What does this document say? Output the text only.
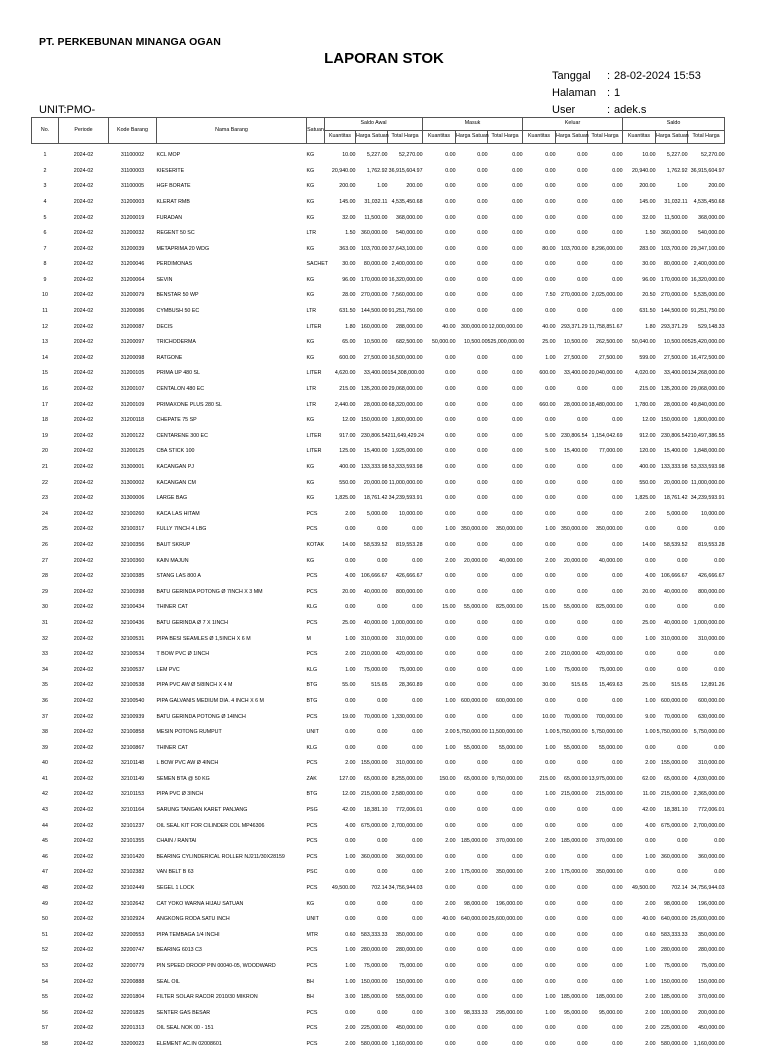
PT. PERKEBUNAN MINANGA OGAN
LAPORAN STOK
Tanggal : 28-02-2024 15:53
Halaman : 1
User	: adek.s
UNIT:PMO-
No.	Periode	Kode Barang	Nama Barang	Satuan	Saldo Awal			Masuk			Keluar			Saldo		
					Kuantitas	Harga Satuan	Total Harga	Kuantitas	Harga Satuan	Total Harga	Kuantitas	Harga Satuan	Total Harga	Kuantitas	Harga Satuan	Total Harga
1	2024-02	31100002	KCL MOP	KG	10.00	5,227.00	52,270.00	0.00	0.00	0.00	0.00	0.00	0.00	10.00	5,227.00	52,270.00
2	2024-02	31100003	KIESERITE	KG	20,940.00	1,762.92	36,915,604.97	0.00	0.00	0.00	0.00	0.00	0.00	20,940.00	1,762.92	36,915,604.97
3	2024-02	31100005	HGF BORATE	KG	200.00	1.00	200.00	0.00	0.00	0.00	0.00	0.00	0.00	200.00	1.00	200.00
4	2024-02	31200003	KLERAT RMB	KG	145.00	31,032.11	4,535,450.68	0.00	0.00	0.00	0.00	0.00	0.00	145.00	31,032.11	4,535,450.68
5	2024-02	31200019	FURADAN	KG	32.00	11,500.00	368,000.00	0.00	0.00	0.00	0.00	0.00	0.00	32.00	11,500.00	368,000.00
6	2024-02	31200032	REGENT 50 SC	LTR	1.50	360,000.00	540,000.00	0.00	0.00	0.00	0.00	0.00	0.00	1.50	360,000.00	540,000.00
7	2024-02	31200039	METAPRIMA 20 WDG	KG	363.00	103,700.00	37,643,100.00	0.00	0.00	0.00	80.00	103,700.00	8,296,000.00	283.00	103,700.00	29,347,100.00
8	2024-02	31200046	PERDIMONAS	SACHET	30.00	80,000.00	2,400,000.00	0.00	0.00	0.00	0.00	0.00	0.00	30.00	80,000.00	2,400,000.00
9	2024-02	31200064	SEVIN	KG	96.00	170,000.00	16,320,000.00	0.00	0.00	0.00	0.00	0.00	0.00	96.00	170,000.00	16,320,000.00
10	2024-02	31200079	BENSTAR 50 WP	KG	28.00	270,000.00	7,560,000.00	0.00	0.00	0.00	7.50	270,000.00	2,025,000.00	20.50	270,000.00	5,535,000.00
11	2024-02	31200086	CYMBUSH 50 EC	LTR	631.50	144,500.00	91,251,750.00	0.00	0.00	0.00	0.00	0.00	0.00	631.50	144,500.00	91,251,750.00
12	2024-02	31200087	DECIS	LITER	1.80	160,000.00	288,000.00	40.00	300,000.00	12,000,000.00	40.00	293,371.29	11,758,851.67	1.80	293,371.29	529,148.33
13	2024-02	31200097	TRICHODERMA	KG	65.00	10,500.00	682,500.00	50,000.00	10,500.00	525,000,000.00	25.00	10,500.00	262,500.00	50,040.00	10,500.00	525,420,000.00
14	2024-02	31200098	RATGONE	KG	600.00	27,500.00	16,500,000.00	0.00	0.00	0.00	1.00	27,500.00	27,500.00	599.00	27,500.00	16,472,500.00
15	2024-02	31200105	PRIMA UP 480 SL	LITER	4,620.00	33,400.00	154,308,000.00	0.00	0.00	0.00	600.00	33,400.00	20,040,000.00	4,020.00	33,400.00	134,268,000.00
16	2024-02	31200107	CENTALON 480 EC	LTR	215.00	135,200.00	29,068,000.00	0.00	0.00	0.00	0.00	0.00	0.00	215.00	135,200.00	29,068,000.00
17	2024-02	31200109	PRIMAXONE PLUS 280 SL	LTR	2,440.00	28,000.00	68,320,000.00	0.00	0.00	0.00	660.00	28,000.00	18,480,000.00	1,780.00	28,000.00	49,840,000.00
18	2024-02	31200118	CHEPATE 75 SP	KG	12.00	150,000.00	1,800,000.00	0.00	0.00	0.00	0.00	0.00	0.00	12.00	150,000.00	1,800,000.00
19	2024-02	31200122	CENTARENE 300 EC	LITER	917.00	230,806.54	211,649,429.24	0.00	0.00	0.00	5.00	230,806.54	1,154,042.69	912.00	230,806.54	210,497,386.55
20	2024-02	31200125	CBA STICK 100	LITER	125.00	15,400.00	1,925,000.00	0.00	0.00	0.00	5.00	15,400.00	77,000.00	120.00	15,400.00	1,848,000.00
21	2024-02	31300001	KACANGAN PJ	KG	400.00	133,333.98	53,333,593.98	0.00	0.00	0.00	0.00	0.00	0.00	400.00	133,333.98	53,333,593.98
22	2024-02	31300002	KACANGAN CM	KG	550.00	20,000.00	11,000,000.00	0.00	0.00	0.00	0.00	0.00	0.00	550.00	20,000.00	11,000,000.00
23	2024-02	31300006	LARGE BAG	KG	1,825.00	18,761.42	34,239,593.91	0.00	0.00	0.00	0.00	0.00	0.00	1,825.00	18,761.42	34,239,593.91
24	2024-02	32100260	KACA LAS HITAM	PCS	2.00	5,000.00	10,000.00	0.00	0.00	0.00	0.00	0.00	0.00	2.00	5,000.00	10,000.00
25	2024-02	32100317	FULLY 7INCH 4 LBG	PCS	0.00	0.00	0.00	1.00	350,000.00	350,000.00	1.00	350,000.00	350,000.00	0.00	0.00	0.00
26	2024-02	32100356	BAUT SKRUP	KOTAK	14.00	58,539.52	819,553.28	0.00	0.00	0.00	0.00	0.00	0.00	14.00	58,539.52	819,553.28
27	2024-02	32100360	KAIN MAJUN	KG	0.00	0.00	0.00	2.00	20,000.00	40,000.00	2.00	20,000.00	40,000.00	0.00	0.00	0.00
28	2024-02	32100385	STANG LAS 800 A	PCS	4.00	106,666.67	426,666.67	0.00	0.00	0.00	0.00	0.00	0.00	4.00	106,666.67	426,666.67
29	2024-02	32100398	BATU GERINDA POTONG Ø 7INCH X 3 MM	PCS	20.00	40,000.00	800,000.00	0.00	0.00	0.00	0.00	0.00	0.00	20.00	40,000.00	800,000.00
30	2024-02	32100434	THINER CAT	KLG	0.00	0.00	0.00	15.00	55,000.00	825,000.00	15.00	55,000.00	825,000.00	0.00	0.00	0.00
31	2024-02	32100436	BATU GERINDA Ø 7 X 1INCH	PCS	25.00	40,000.00	1,000,000.00	0.00	0.00	0.00	0.00	0.00	0.00	25.00	40,000.00	1,000,000.00
32	2024-02	32100531	PIPA BESI SEAMLES Ø 1,5INCH X 6 M	M	1.00	310,000.00	310,000.00	0.00	0.00	0.00	0.00	0.00	0.00	1.00	310,000.00	310,000.00
33	2024-02	32100534	T BOW PVC Ø 1INCH	PCS	2.00	210,000.00	420,000.00	0.00	0.00	0.00	2.00	210,000.00	420,000.00	0.00	0.00	0.00
34	2024-02	32100537	LEM PVC	KLG	1.00	75,000.00	75,000.00	0.00	0.00	0.00	1.00	75,000.00	75,000.00	0.00	0.00	0.00
35	2024-02	32100538	PIPA PVC AW Ø 5/8INCH X 4 M	BTG	55.00	515.65	28,360.89	0.00	0.00	0.00	30.00	515.65	15,469.63	25.00	515.65	12,891.26
36	2024-02	32100540	PIPA GALVANIS MEDIUM DIA. 4 INCH X 6 M	BTG	0.00	0.00	0.00	1.00	600,000.00	600,000.00	0.00	0.00	0.00	1.00	600,000.00	600,000.00
37	2024-02	32100939	BATU GERINDA POTONG Ø 14INCH	PCS	19.00	70,000.00	1,330,000.00	0.00	0.00	0.00	10.00	70,000.00	700,000.00	9.00	70,000.00	630,000.00
38	2024-02	32100858	MESIN POTONG RUMPUT	UNIT	0.00	0.00	0.00	2.00	5,750,000.00	11,500,000.00	1.00	5,750,000.00	5,750,000.00	1.00	5,750,000.00	5,750,000.00
39	2024-02	32100867	THINER CAT	KLG	0.00	0.00	0.00	1.00	55,000.00	55,000.00	1.00	55,000.00	55,000.00	0.00	0.00	0.00
40	2024-02	32101148	L BOW PVC AW Ø 4INCH	PCS	2.00	155,000.00	310,000.00	0.00	0.00	0.00	0.00	0.00	0.00	2.00	155,000.00	310,000.00
41	2024-02	32101149	SEMEN BTA @ 50 KG	ZAK	127.00	65,000.00	8,255,000.00	150.00	65,000.00	9,750,000.00	215.00	65,000.00	13,975,000.00	62.00	65,000.00	4,030,000.00
42	2024-02	32101153	PIPA PVC Ø 3INCH	BTG	12.00	215,000.00	2,580,000.00	0.00	0.00	0.00	1.00	215,000.00	215,000.00	11.00	215,000.00	2,365,000.00
43	2024-02	32101164	SARUNG TANGAN KARET PANJANG	PSG	42.00	18,381.10	772,006.01	0.00	0.00	0.00	0.00	0.00	0.00	42.00	18,381.10	772,006.01
44	2024-02	32101237	OIL SEAL KIT FOR CILINDER COL MP46306	PCS	4.00	675,000.00	2,700,000.00	0.00	0.00	0.00	0.00	0.00	0.00	4.00	675,000.00	2,700,000.00
45	2024-02	32101355	CHAIN / RANTAI	PCS	0.00	0.00	0.00	2.00	185,000.00	370,000.00	2.00	185,000.00	370,000.00	0.00	0.00	0.00
46	2024-02	32101420	BEARING CYLINDERICAL ROLLER NJ211/30X28159	PCS	1.00	360,000.00	360,000.00	0.00	0.00	0.00	0.00	0.00	0.00	1.00	360,000.00	360,000.00
47	2024-02	32102382	VAN BELT B 63	PSC	0.00	0.00	0.00	2.00	175,000.00	350,000.00	2.00	175,000.00	350,000.00	0.00	0.00	0.00
48	2024-02	32102449	SEGEL 1 LOCK	PCS	49,500.00	702.14	34,756,944.03	0.00	0.00	0.00	0.00	0.00	0.00	49,500.00	702.14	34,756,944.03
49	2024-02	32102642	CAT YOKO WARNA HIJAU SATUAN	KG	0.00	0.00	0.00	2.00	98,000.00	196,000.00	0.00	0.00	0.00	2.00	98,000.00	196,000.00
50	2024-02	32102924	ANGKONG RODA SATU INCH	UNIT	0.00	0.00	0.00	40.00	640,000.00	25,600,000.00	0.00	0.00	0.00	40.00	640,000.00	25,600,000.00
51	2024-02	32200553	PIPA TEMBAGA 1/4 INCHI	MTR	0.60	583,333.33	350,000.00	0.00	0.00	0.00	0.00	0.00	0.00	0.60	583,333.33	350,000.00
52	2024-02	32200747	BEARING 6013 C3	PCS	1.00	280,000.00	280,000.00	0.00	0.00	0.00	0.00	0.00	0.00	1.00	280,000.00	280,000.00
53	2024-02	32200779	PIN SPEED DROOP PIN 00040-05, WOODWARD	PCS	1.00	75,000.00	75,000.00	0.00	0.00	0.00	0.00	0.00	0.00	1.00	75,000.00	75,000.00
54	2024-02	32200888	SEAL OIL	BH	1.00	150,000.00	150,000.00	0.00	0.00	0.00	0.00	0.00	0.00	1.00	150,000.00	150,000.00
55	2024-02	32201804	FILTER SOLAR RACOR 2010/30 MIKRON	BH	3.00	185,000.00	555,000.00	0.00	0.00	0.00	1.00	185,000.00	185,000.00	2.00	185,000.00	370,000.00
56	2024-02	32201825	SENTER GAS BESAR	PCS	0.00	0.00	0.00	3.00	98,333.33	295,000.00	1.00	95,000.00	95,000.00	2.00	100,000.00	200,000.00
57	2024-02	32201313	OIL SEAL NOK 00 - 151	PCS	2.00	225,000.00	450,000.00	0.00	0.00	0.00	0.00	0.00	0.00	2.00	225,000.00	450,000.00
58	2024-02	33200023	ELEMENT AC.IN 02008601	PCS	2.00	580,000.00	1,160,000.00	0.00	0.00	0.00	0.00	0.00	0.00	2.00	580,000.00	1,160,000.00
